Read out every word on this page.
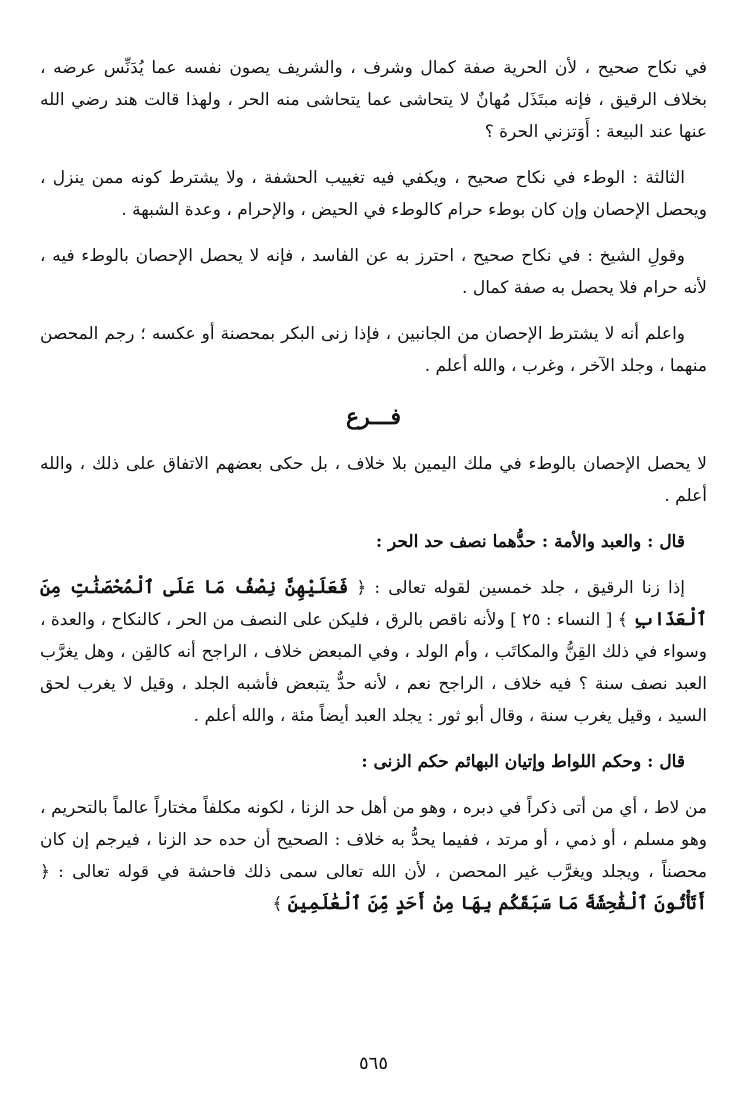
في نكاح صحيح ، لأن الحرية صفة كمال وشرف ، والشريف يصون نفسه عما يُدَنِّس عرضه ، بخلاف الرقيق ، فإنه مبتَذَل مُهانٌ لا يتحاشى عما يتحاشى منه الحر ، ولهذا قالت هند رضي الله عنها عند البيعة : أَوَتزني الحرة ؟

الثالثة : الوطء في نكاح صحيح ، ويكفي فيه تغييب الحشفة ، ولا يشترط كونه ممن ينزل ، ويحصل الإحصان وإن كان بوطء حرام كالوطء في الحيض ، والإحرام ، وعدة الشبهة .

وقولِ الشيخ : في نكاح صحيح ، احترز به عن الفاسد ، فإنه لا يحصل الإحصان بالوطء فيه ، لأنه حرام فلا يحصل به صفة كمال .

واعلم أنه لا يشترط الإحصان من الجانبين ، فإذا زنى البكر بمحصنة أو عكسه ؛ رجم المحصن منهما ، وجلد الآخر ، وغرب ، والله أعلم .

فـــرع

لا يحصل الإحصان بالوطء في ملك اليمين بلا خلاف ، بل حكى بعضهم الاتفاق على ذلك ، والله أعلم .

قال : والعبد والأمة : حدُّهما نصف حد الحر :

إذا زنا الرقيق ، جلد خمسين لقوله تعالى : ﴿ فَعَلَيْهِنَّ نِصْفُ مَا عَلَى ٱلْمُحْصَنَٰتِ مِنَ ٱلْعَذَابِ ﴾ [ النساء : ٢٥ ] ولأنه ناقص بالرق ، فليكن على النصف من الحر ، كالنكاح ، والعدة ، وسواء في ذلك القِنُّ والمكاتَب ، وأم الولد ، وفي المبعض خلاف ، الراجح أنه كالقِن ، وهل يغرَّب العبد نصف سنة ؟ فيه خلاف ، الراجح نعم ، لأنه حدٌّ يتبعض فأشبه الجلد ، وقيل لا يغرب لحق السيد ، وقيل يغرب سنة ، وقال أبو ثور : يجلد العبد أيضاً مئة ، والله أعلم .

قال : وحكم اللواط وإتيان البهائم حكم الزنى :

من لاط ، أي من أتى ذكراً في دبره ، وهو من أهل حد الزنا ، لكونه مكلفاً مختاراً عالماً بالتحريم ، وهو مسلم ، أو ذمي ، أو مرتد ، ففيما يحدُّ به خلاف : الصحيح أن حده حد الزنا ، فيرجم إن كان محصناً ، ويجلد ويغرَّب غير المحصن ، لأن الله تعالى سمى ذلك فاحشة في قوله تعالى : ﴿ أَتَأْتُونَ ٱلْفَٰحِشَةَ مَا سَبَقَكُم بِهَا مِنْ أَحَدٍ مِّنَ ٱلْعَٰلَمِينَ ﴾

٥٦٥
